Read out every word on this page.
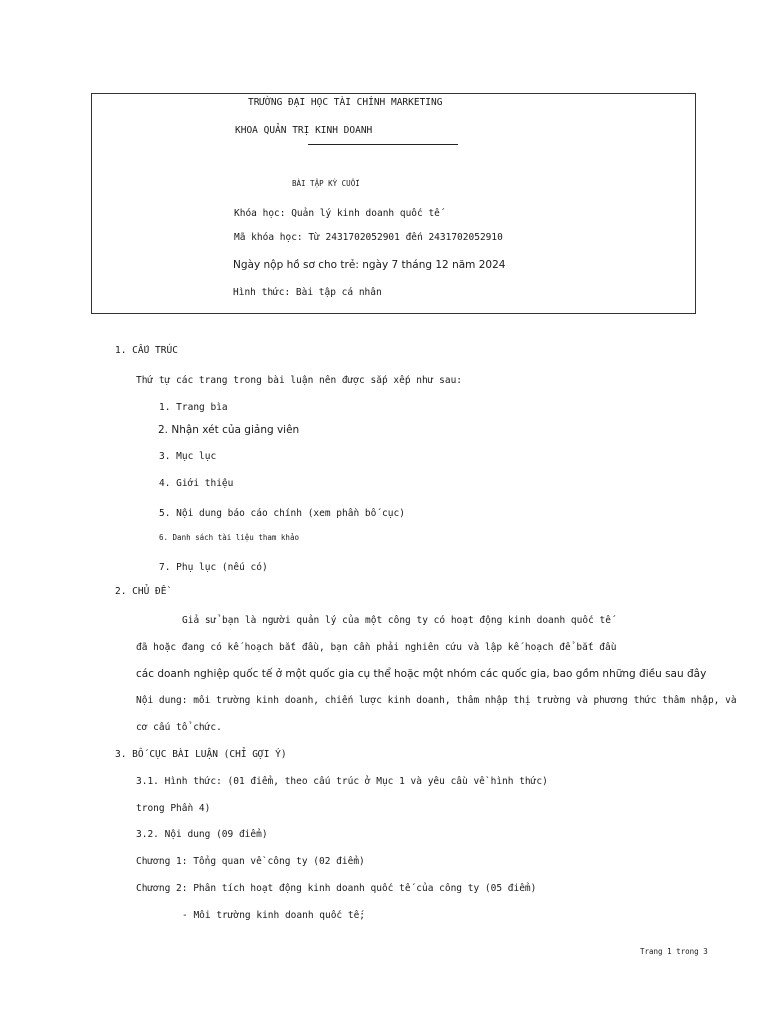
TRƯỜNG ĐẠI HỌC TÀI CHÍNH MARKETING
KHOA QUẢN TRỊ KINH DOANH
BÀI TẬP KỲ CUỐI
Khóa học: Quản lý kinh doanh quốc tế
Mã khóa học: Từ 2431702052901 đến 2431702052910
Ngày nộp hồ sơ cho trẻ: ngày 7 tháng 12 năm 2024
Hình thức: Bài tập cá nhân
1. CẤU TRÚC
Thứ tự các trang trong bài luận nên được sắp xếp như sau:
1. Trang bìa
2. Nhận xét của giảng viên
3. Mục lục
4. Giới thiệu
5. Nội dung báo cáo chính (xem phần bố cục)
6. Danh sách tài liệu tham khảo
7. Phụ lục (nếu có)
2. CHỦ ĐỀ
Giả sử bạn là người quản lý của một công ty có hoạt động kinh doanh quốc tế
đã hoặc đang có kế hoạch bắt đầu, bạn cần phải nghiên cứu và lập kế hoạch để bắt đầu
các doanh nghiệp quốc tế ở một quốc gia cụ thể hoặc một nhóm các quốc gia, bao gồm những điều sau đây
Nội dung: môi trường kinh doanh, chiến lược kinh doanh, thâm nhập thị trường và phương thức thâm nhập, và
cơ cấu tổ chức.
3. BỐ CỤC BÀI LUẬN (CHỈ GỢI Ý)
3.1. Hình thức: (01 điểm, theo cấu trúc ở Mục 1 và yêu cầu về hình thức)
trong Phần 4)
3.2. Nội dung (09 điểm)
Chương 1: Tổng quan về công ty (02 điểm)
Chương 2: Phân tích hoạt động kinh doanh quốc tế của công ty (05 điểm)
- Môi trường kinh doanh quốc tế;
Trang 1 trong 3
